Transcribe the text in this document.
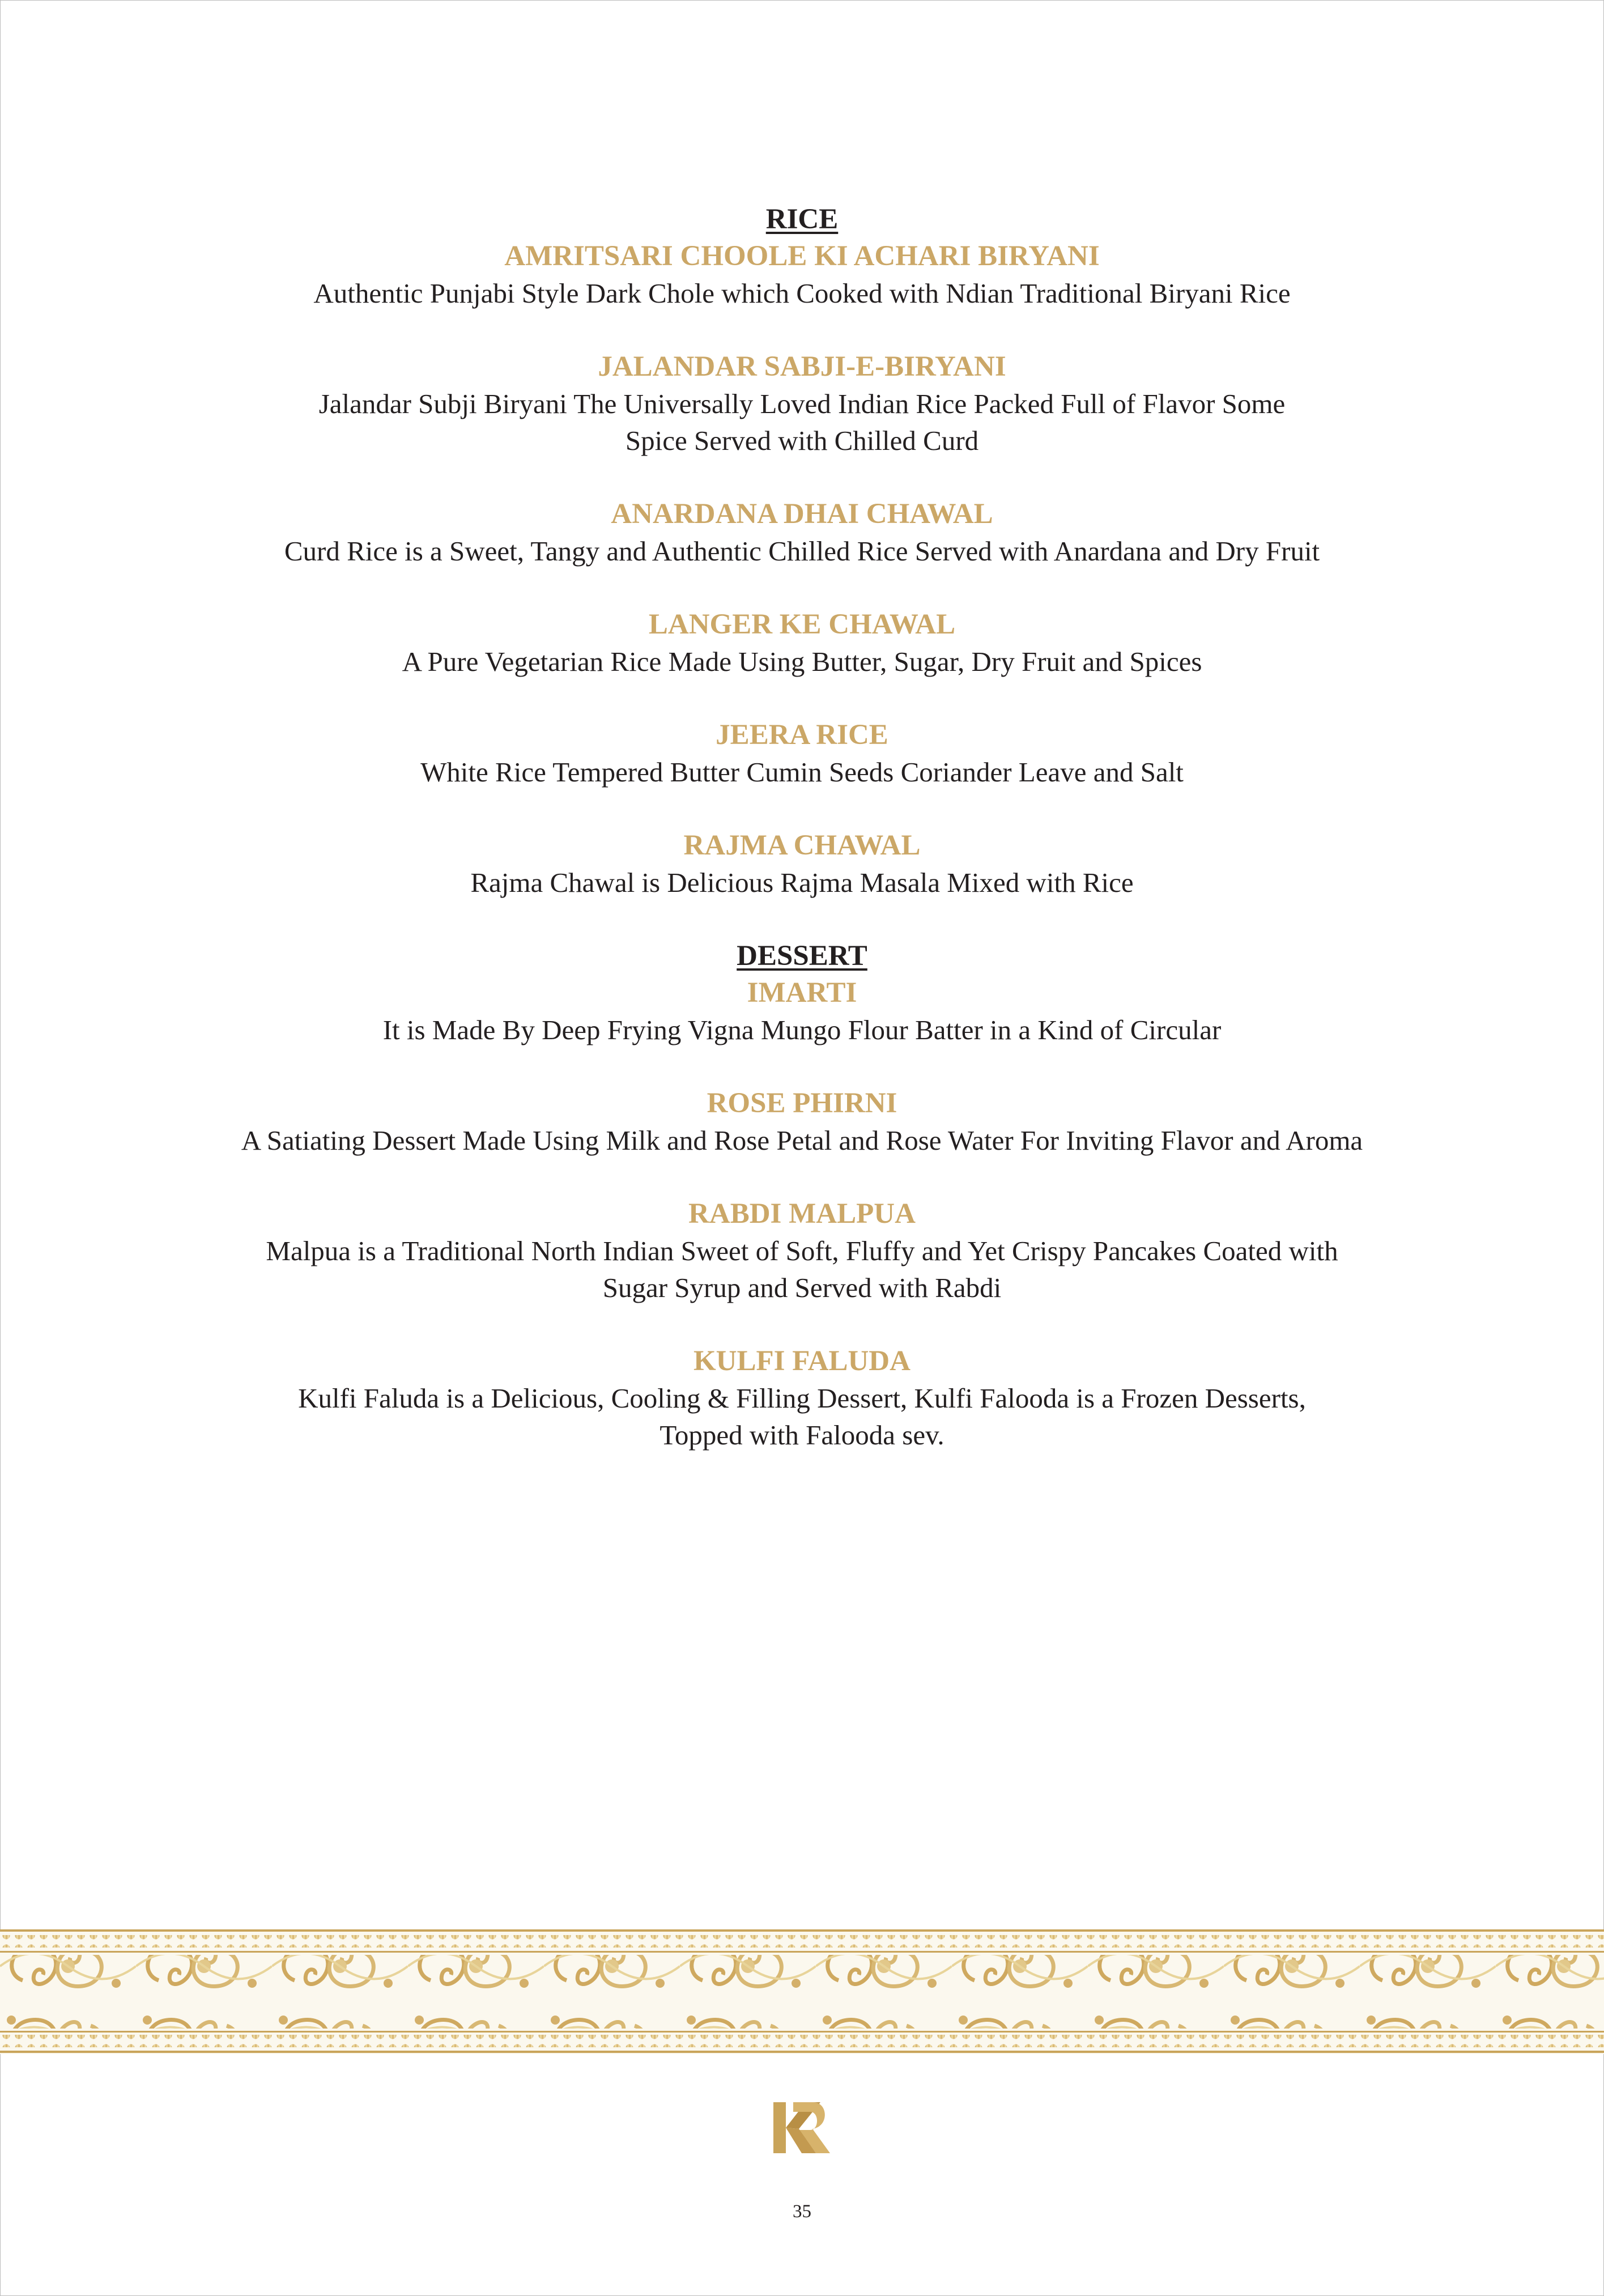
RICE
AMRITSARI CHOOLE KI ACHARI BIRYANI
Authentic Punjabi Style Dark Chole which Cooked with Ndian Traditional Biryani Rice
JALANDAR SABJI-E-BIRYANI
Jalandar Subji Biryani The Universally Loved Indian Rice Packed Full of Flavor Some
Spice Served with Chilled Curd
ANARDANA DHAI CHAWAL
Curd Rice is a Sweet, Tangy and Authentic Chilled Rice Served with Anardana and Dry Fruit
LANGER KE CHAWAL
A Pure Vegetarian Rice Made Using Butter, Sugar, Dry Fruit and Spices
JEERA RICE
White Rice Tempered Butter Cumin Seeds Coriander Leave and Salt
RAJMA CHAWAL
Rajma Chawal is Delicious Rajma Masala Mixed with Rice
DESSERT
IMARTI
It is Made By Deep Frying Vigna Mungo Flour Batter in a Kind of Circular
ROSE PHIRNI
A Satiating Dessert Made Using Milk and Rose Petal and Rose Water For Inviting Flavor and Aroma
RABDI MALPUA
Malpua is a Traditional North Indian Sweet of Soft, Fluffy and Yet Crispy Pancakes Coated with
Sugar Syrup and Served with Rabdi
KULFI FALUDA
Kulfi Faluda is a Delicious, Cooling & Filling Dessert, Kulfi Falooda is a Frozen Desserts,
Topped with Falooda sev.
35
